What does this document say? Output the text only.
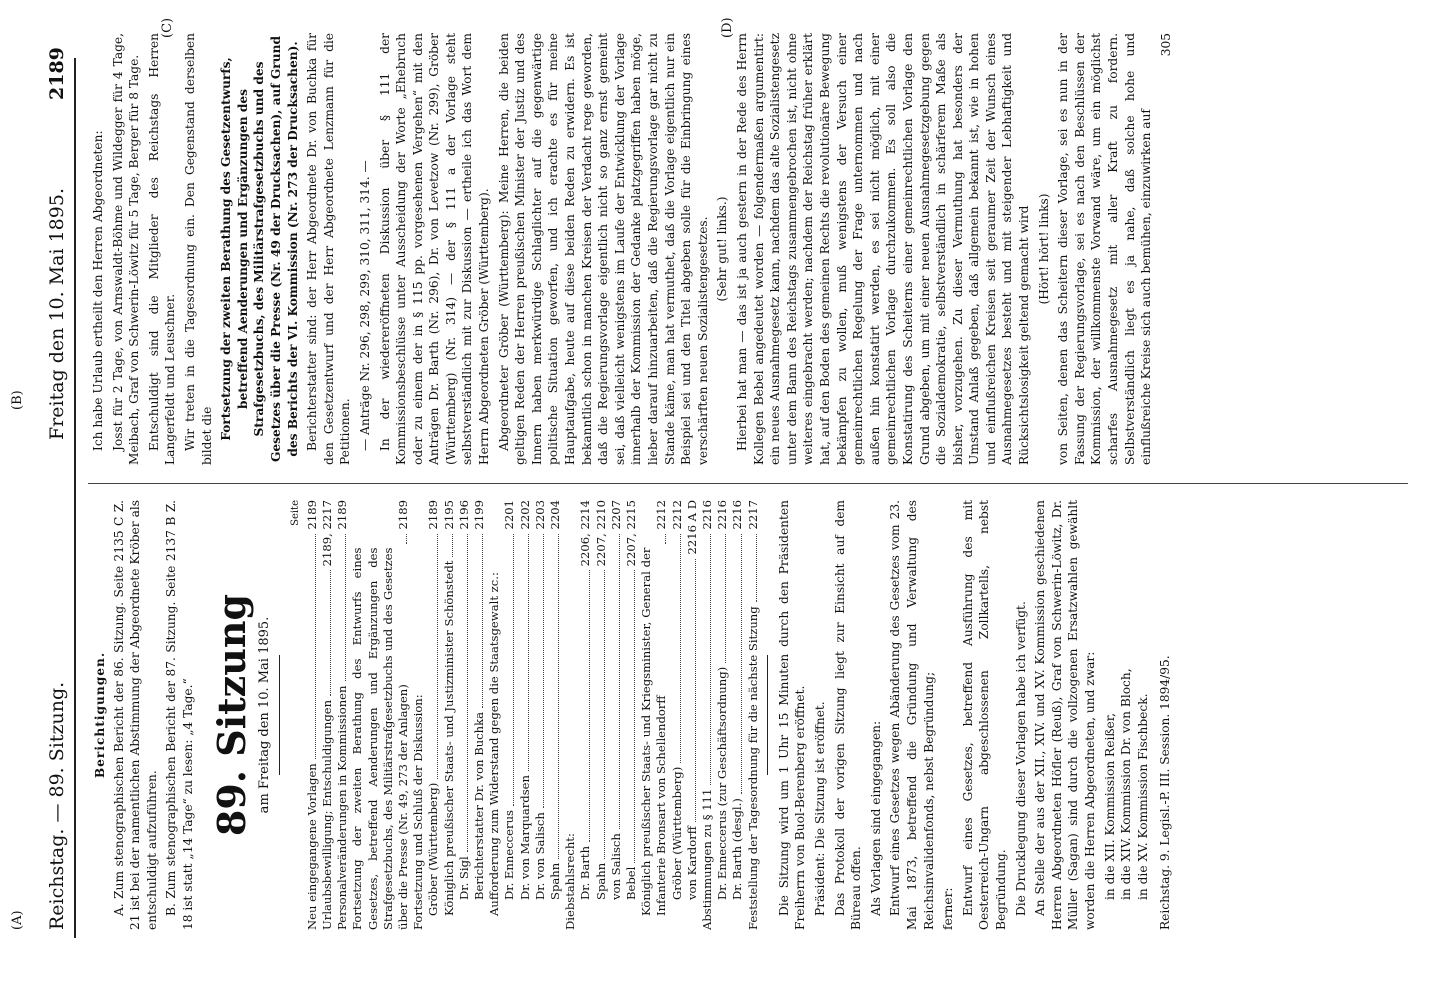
Reichstag. — 89. Sitzung.
Freitag den 10. Mai 1895.
2189
(A)
(B)
(C)	(D)
Berichtigungen. A. Zum stenographischen Bericht der 86. Sitzung. Seite 2135 C Z. 21 ist bei der namentlichen Abstimmung der Abgeordnete Kröber als entschuldigt aufzuführen. B. Zum stenographischen Bericht der 87. Sitzung. Seite 2137 B Z. 18 ist statt „14 Tage“ zu lesen: „4 Tage.“ 89. Sitzung am Freitag den 10. Mai 1895.

Seite

Neu eingegangene Vorlagen
2189
Urlaubsbewilligung; Entschuldigungen
2189, 2217
Personalveränderungen in Kommissionen
2189
Fortsetzung der zweiten Berathung des Entwurfs eines Gesetzes, betreffend Aenderungen und Ergänzungen des Strafgesetzbuchs, des Militärstrafgesetzbuchs und des Gesetzes über die Presse (Nr. 49, 273 der Anlagen)
2189
Fortsetzung und Schluß der Diskussion: Gröber (Württemberg)
2189
Königlich preußischer Staats- und Justizminister Schönstedt
2195
Dr. Sigl
2196
Berichterstatter Dr. von Buchka
2199
Aufforderung zum Widerstand gegen die Staatsgewalt zc.: Dr. Enneccerus
2201
Dr. von Marquardsen
2202
Dr. von Salisch
2203
Spahn
2204
Diebstahlsrecht: Dr. Barth
2206, 2214
Spahn
2207, 2210
von Salisch
2207
Bebel
2207, 2215
Königlich preußischer Staats- und Kriegsminister, General der Infanterie Bronsart von Schellendorff
2212
Gröber (Württemberg)
2212
von Kardorff
2216 A D
Abstimmungen zu § 111
2216
Dr. Enneccerus (zur Geschäftsordnung)
2216
Dr. Barth (desgl.)
2216
Feststellung der Tagesordnung für die nächste Sitzung
2217 Die Sitzung wird um 1 Uhr 15 Minuten durch den Präsidenten Freiherrn von Buol-Berenberg eröffnet. Präsident: Die Sitzung ist eröffnet. Das Protokoll der vorigen Sitzung liegt zur Einsicht auf dem Büreau offen. Als Vorlagen sind eingegangen: Entwurf eines Gesetzes wegen Abänderung des Gesetzes vom 23. Mai 1873, betreffend die Gründung und Verwaltung des Reichsinvalidenfonds, nebst Begründung; ferner: Entwurf eines Gesetzes, betreffend Ausführung des mit Oesterreich-Ungarn abgeschlossenen Zollkartells, nebst Begründung. Die Drucklegung dieser Vorlagen habe ich verfügt. An Stelle der aus der XII., XIV. und XV. Kommission geschiedenen Herren Abgeordneten Höfler (Reuß), Graf von Schwerin-Löwitz, Dr. Müller (Sagan) sind durch die vollzogenen Ersatzwahlen gewählt worden die Herren Abgeordneten, und zwar: in die XII. Kommission Reißer, in die XIV. Kommission Dr. von Bloch, in die XV. Kommission Fischbeck. Reichstag. 9. Legisl.-P. III. Session. 1894/95.

Ich habe Urlaub ertheilt den Herren Abgeordneten: Josst für 2 Tage, von Arnswaldt-Böhme und Wildegger für 4 Tage, Meibach, Graf von Schwerin-Löwitz für 5 Tage, Berger für 8 Tage. Entschuldigt sind die Mitglieder des Reichstags Herren Langerfeldt und Leuschner. Wir treten in die Tagesordnung ein. Den Gegenstand derselben bildet die Fortsetzung der zweiten Berathung des Gesetzentwurfs, betreffend Aenderungen und Ergänzungen des Strafgesetzbuchs, des Militärstrafgesetzbuchs und des Gesetzes über die Presse (Nr. 49 der Drucksachen), auf Grund des Berichts der VI. Kommission (Nr. 273 der Drucksachen). Berichterstatter sind: der Herr Abgeordnete Dr. von Buchka für den Gesetzentwurf und der Herr Abgeordnete Lenzmann für die Petitionen. — Anträge Nr. 296, 298, 299, 310, 311, 314. — In der wiedereröffneten Diskussion über § 111 der Kommissionsbeschlüsse unter Ausscheidung der Worte „Ehebruch oder zu einem der in § 115 pp. vorgesehenen Vergehen“ mit den Anträgen Dr. Barth (Nr. 296), Dr. von Levetzow (Nr. 299), Gröber (Württemberg) (Nr. 314) — der § 111 a der Vorlage steht selbstverständlich mit zur Diskussion — ertheile ich das Wort dem Herrn Abgeordneten Gröber (Württemberg). Abgeordneter Gröber (Württemberg): Meine Herren, die beiden geltigen Reden der Herren preußischen Minister der Justiz und des Innern haben merkwürdige Schlaglichter auf die gegenwärtige politische Situation geworfen, und ich erachte es für meine Hauptaufgabe, heute auf diese beiden Reden zu erwidern. Es ist bekanntlich schon in manchen Kreisen der Verdacht rege geworden, daß die Regierungsvorlage eigentlich nicht so ganz ernst gemeint sei, daß vielleicht wenigstens im Laufe der Entwicklung der Vorlage innerhalb der Kommission der Gedanke platzgegriffen haben möge, lieber darauf hinzuarbeiten, daß die Regierungsvorlage gar nicht zu Stande käme, man hat vermuthet, daß die Vorlage eigentlich nur ein Beispiel sei und den Titel abgeben solle für die Einbringung eines verschärften neuen Sozialistengesetzes. (Sehr gut! links.) Hierbei hat man — das ist ja auch gestern in der Rede des Herrn Kollegen Bebel angedeutet worden — folgendermaßen argumentirt: ein neues Ausnahmegesetz kann, nachdem das alte Sozialistengesetz unter dem Bann des Reichstags zusammengebrochen ist, nicht ohne weiteres eingebracht werden; nachdem der Reichstag früher erklärt hat, auf den Boden des gemeinen Rechts die revolutionäre Bewegung bekämpfen zu wollen, muß wenigstens der Versuch einer gemeinrechtlichen Regelung der Frage unternommen und nach außen hin konstatirt werden, es sei nicht möglich, mit einer gemeinrechtlichen Vorlage durchzukommen. Es soll also die Konstatirung des Scheiterns einer gemeinrechtlichen Vorlage den Grund abgeben, um mit einer neuen Ausnahmegesetzgebung gegen die Sozialdemokratie, selbstverständlich in schärferem Maße als bisher, vorzugehen. Zu dieser Vermuthung hat besonders der Umstand Anlaß gegeben, daß allgemein bekannt ist, wie in hohen und einflußreichen Kreisen seit geraumer Zeit der Wunsch eines Ausnahmegesetzes besteht und mit steigender Lebhaftigkeit und Rücksichtslosigkeit geltend gemacht wird (Hört! hört! links) von Seiten, denen das Scheitern dieser Vorlage, sei es nun in der Fassung der Regierungsvorlage, sei es nach den Beschlüssen der Kommission, der willkommenste Vorwand wäre, um ein möglichst scharfes Ausnahmegesetz mit aller Kraft zu fordern. Selbstverständlich liegt es ja nahe, daß solche hohe und einflußreiche Kreise sich auch bemühen, einzuwirken auf

305
